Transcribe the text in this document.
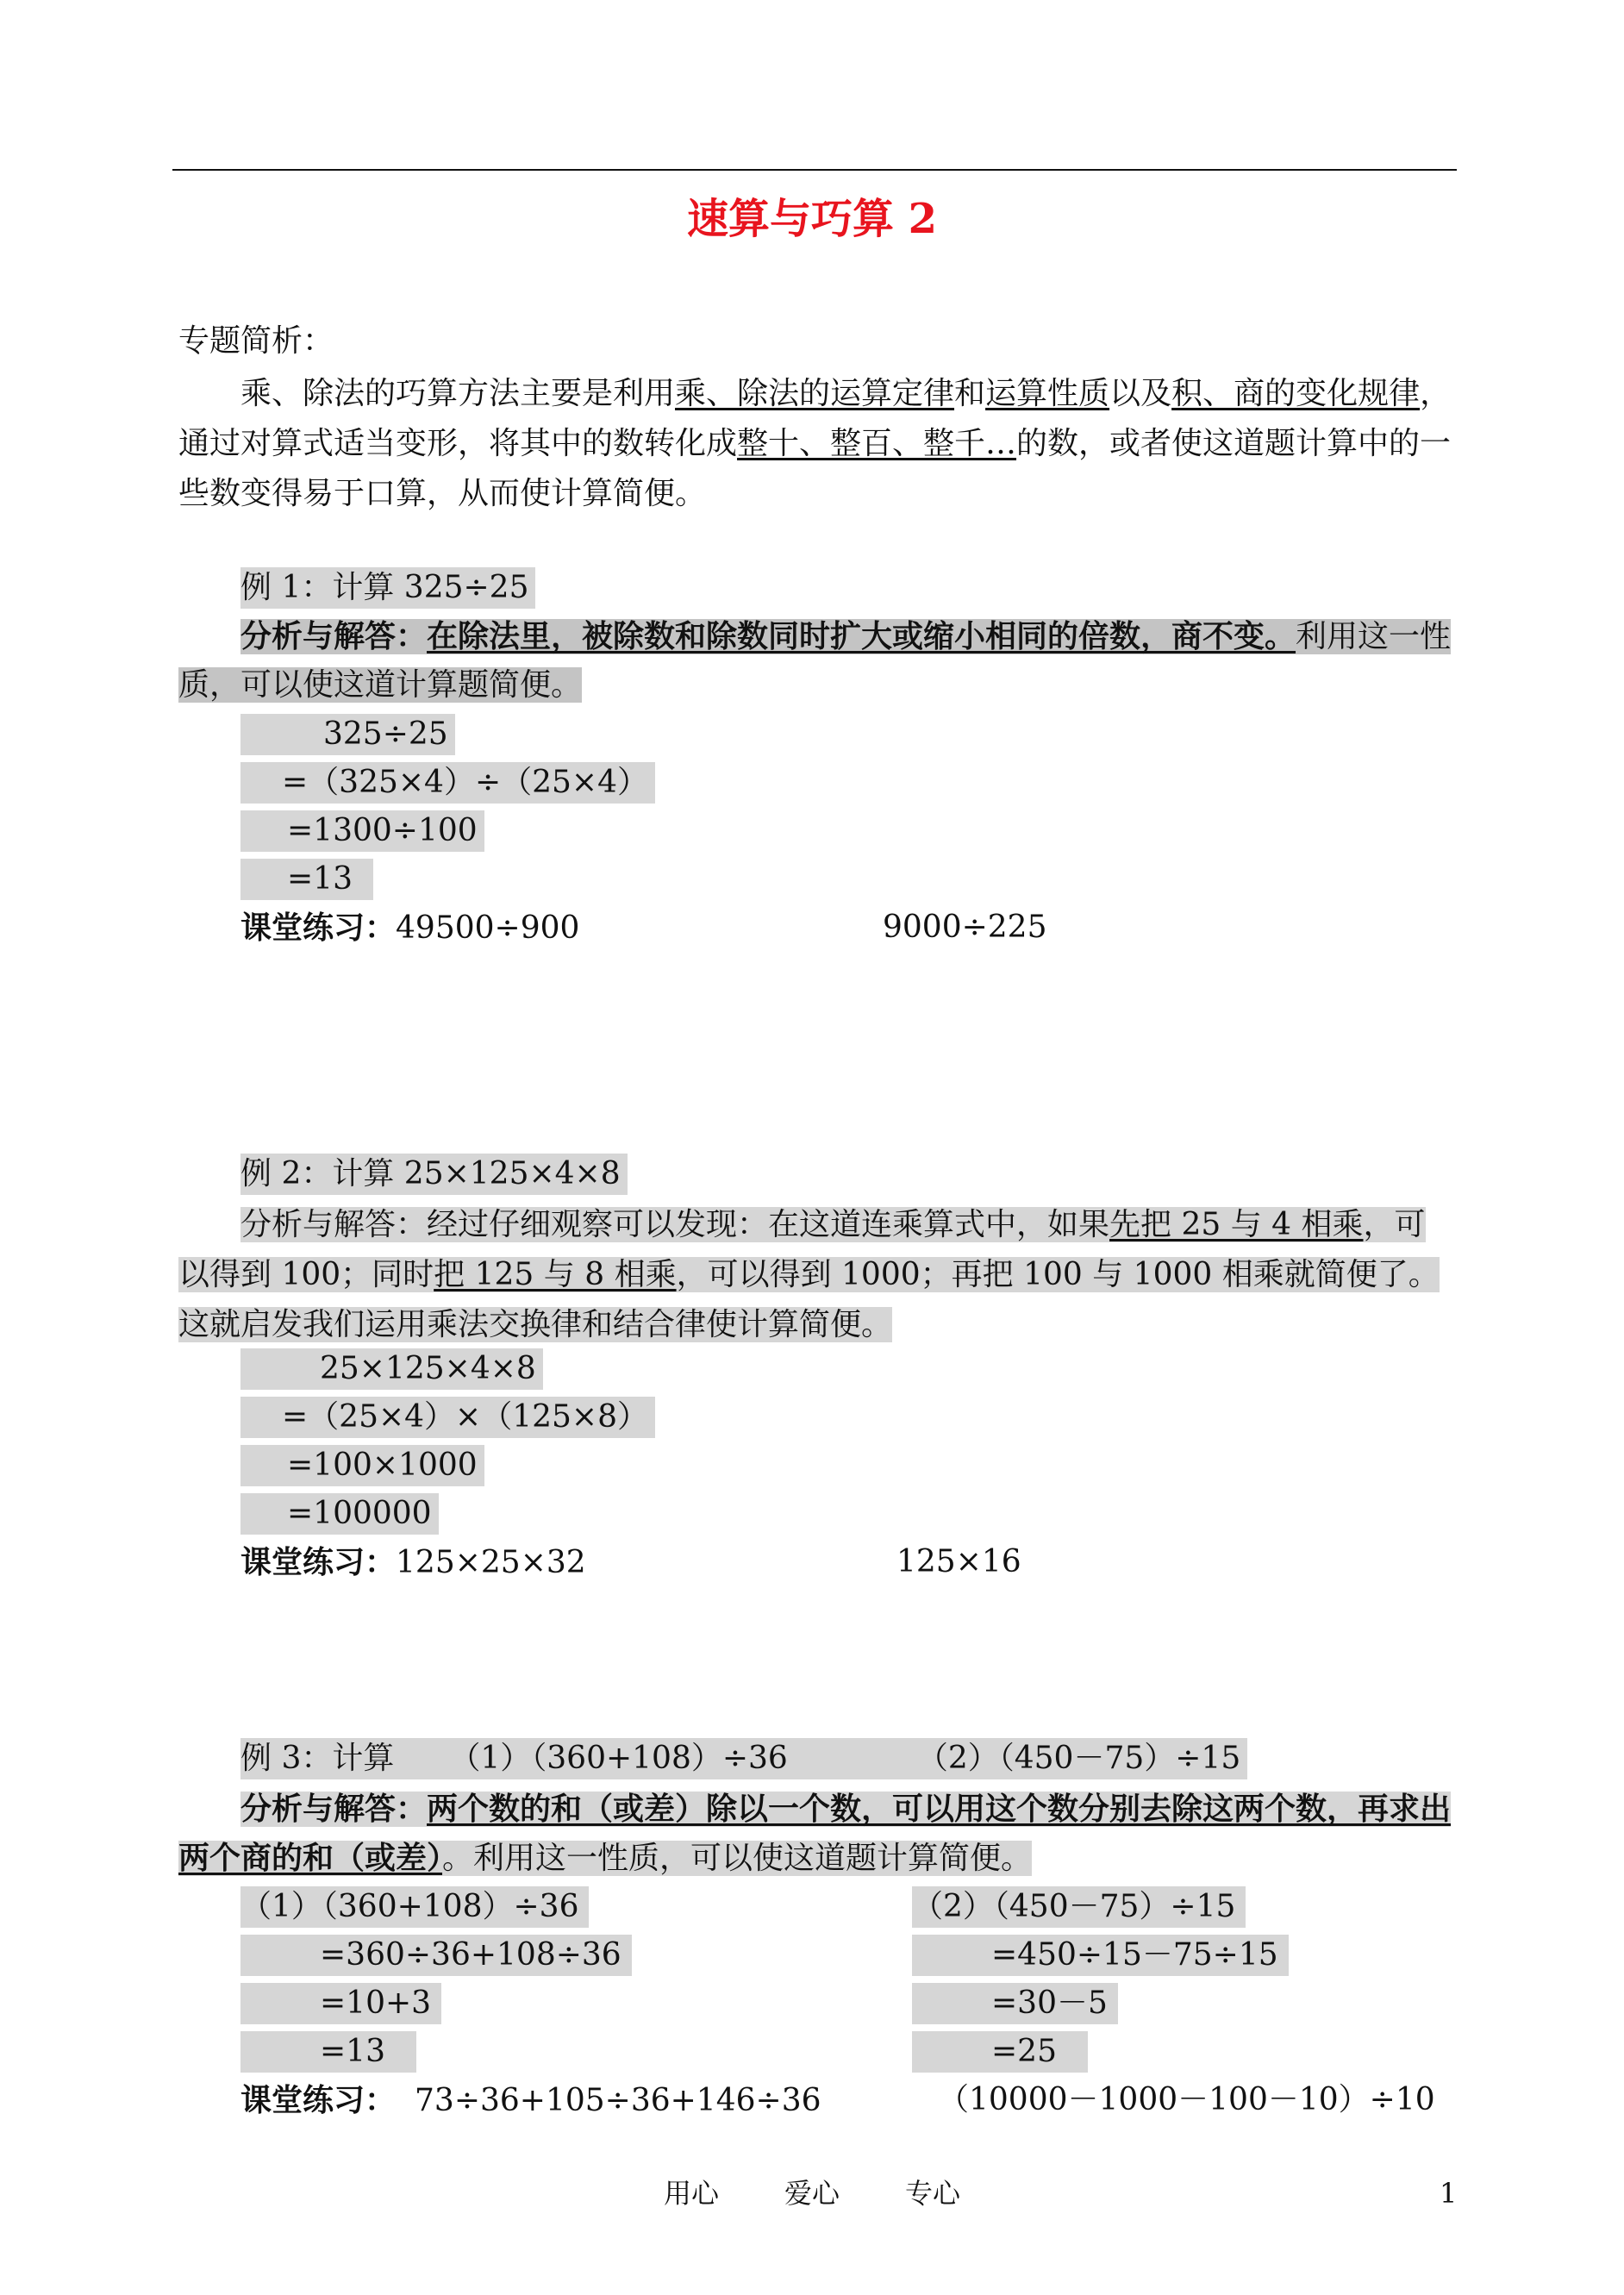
速算与巧算 2
专题简析：
乘、除法的巧算方法主要是利用乘、除法的运算定律和运算性质以及积、商的变化规律，通过对算式适当变形，将其中的数转化成整十、整百、整千…的数，或者使这道题计算中的一些数变得易于口算，从而使计算简便。
例 1：计算 325÷25
分析与解答：在除法里，被除数和除数同时扩大或缩小相同的倍数，商不变。利用这一性质，可以使这道计算题简便。
325÷25
=（325×4）÷（25×4）
=1300÷100
=13
课堂练习：49500÷900	9000÷225
例 2：计算 25×125×4×8
分析与解答：经过仔细观察可以发现：在这道连乘算式中，如果先把 25 与 4 相乘，可以得到 100；同时把 125 与 8 相乘，可以得到 1000；再把 100 与 1000 相乘就简便了。这就启发我们运用乘法交换律和结合律使计算简便。
25×125×4×8
=（25×4）×（125×8）
=100×1000
=100000
课堂练习：125×25×32	125×16
例 3：计算 （1）（360+108）÷36	（2）（450－75）÷15
分析与解答：两个数的和（或差）除以一个数，可以用这个数分别去除这两个数，再求出两个商的和（或差）。利用这一性质，可以使这道题计算简便。
（1）（360+108）÷36
=360÷36+108÷36
=10+3
=13
（2）（450－75）÷15
=450÷15－75÷15
=30－5
=25
课堂练习： 73÷36+105÷36+146÷36	（10000－1000－100－10）÷10
用心 爱心 专心	1
